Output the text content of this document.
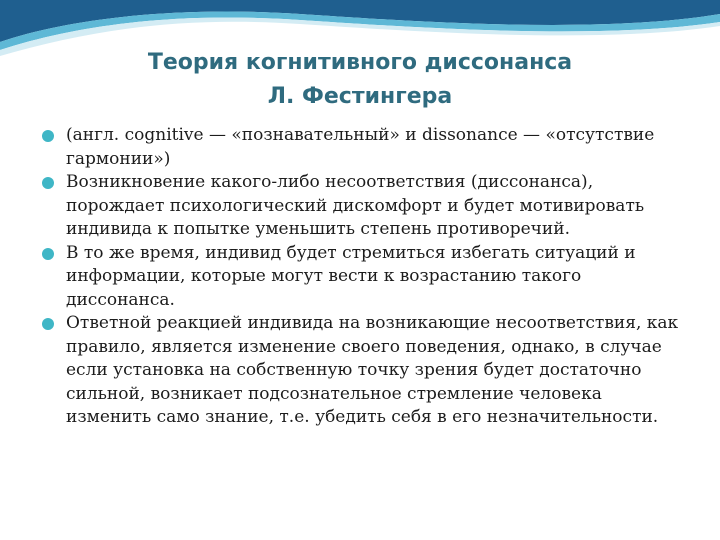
Теория когнитивного диссонанса
Л. Фестингера
(англ. cognitive — «познавательный» и dissonance — «отсутствие гармонии»)
Возникновение какого-либо несоответствия (диссонанса), порождает психологический дискомфорт и будет мотивировать индивида к попытке уменьшить степень противоречий.
В то же время, индивид будет стремиться избегать ситуаций и информации, которые могут вести к возрастанию такого диссонанса.
Ответной реакцией индивида на возникающие несоответствия, как правило, является изменение своего поведения, однако, в случае если установка на собственную точку зрения будет достаточно сильной, возникает подсознательное стремление человека изменить само знание, т.е. убедить себя в его незначительности.
